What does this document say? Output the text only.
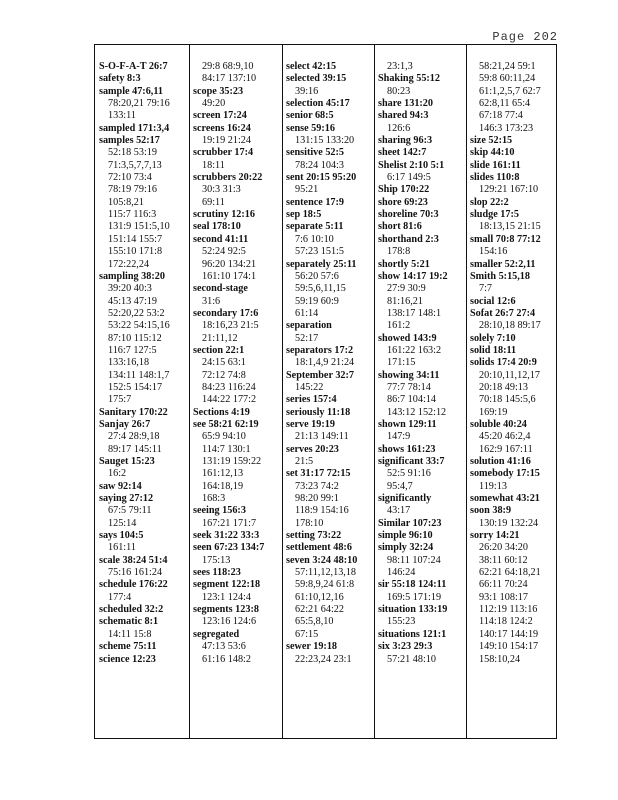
Page 202
S-O-F-A-T 26:7
safety 8:3
sample 47:6,11
78:20,21 79:16
133:11
sampled 171:3,4
samples 52:17
52:18 53:19
71:3,5,7,7,13
72:10 73:4
78:19 79:16
105:8,21
115:7 116:3
131:9 151:5,10
151:14 155:7
155:10 171:8
172:22,24
sampling 38:20
39:20 40:3
45:13 47:19
52:20,22 53:2
53:22 54:15,16
87:10 115:12
116:7 127:5
133:16,18
134:11 148:1,7
152:5 154:17
175:7
Sanitary 170:22
Sanjay 26:7
27:4 28:9,18
89:17 145:11
Sauget 15:23
16:2
saw 92:14
saying 27:12
67:5 79:11
125:14
says 104:5
161:11
scale 38:24 51:4
75:16 161:24
schedule 176:22
177:4
scheduled 32:2
schematic 8:1
14:11 15:8
scheme 75:11
science 12:23
29:8 68:9,10
84:17 137:10
scope 35:23
49:20
screen 17:24
screens 16:24
19:19 21:24
scrubber 17:4
18:11
scrubbers 20:22
30:3 31:3
69:11
scrutiny 12:16
seal 178:10
second 41:11
52:24 92:5
96:20 134:21
161:10 174:1
second-stage
31:6
secondary 17:6
18:16,23 21:5
21:11,12
section 22:1
24:15 63:1
72:12 74:8
84:23 116:24
144:22 177:2
Sections 4:19
see 58:21 62:19
65:9 94:10
114:7 130:1
131:19 159:22
161:12,13
164:18,19
168:3
seeing 156:3
167:21 171:7
seek 31:22 33:3
seen 67:23 134:7
175:13
sees 118:23
segment 122:18
123:1 124:4
segments 123:8
123:16 124:6
segregated
47:13 53:6
61:16 148:2
select 42:15
selected 39:15
39:16
selection 45:17
senior 68:5
sense 59:16
131:15 133:20
sensitive 52:5
78:24 104:3
sent 20:15 95:20
95:21
sentence 17:9
sep 18:5
separate 5:11
7:6 10:10
57:23 151:5
separately 25:11
56:20 57:6
59:5,6,11,15
59:19 60:9
61:14
separation
52:17
separators 17:2
18:1,4,9 21:24
September 32:7
145:22
series 157:4
seriously 11:18
serve 19:19
21:13 149:11
serves 20:23
21:5
set 31:17 72:15
73:23 74:2
98:20 99:1
118:9 154:16
178:10
setting 73:22
settlement 48:6
seven 3:24 48:10
57:11,12,13,18
59:8,9,24 61:8
61:10,12,16
62:21 64:22
65:5,8,10
67:15
sewer 19:18
22:23,24 23:1
23:1,3
Shaking 55:12
80:23
share 131:20
shared 94:3
126:6
sharing 96:3
sheet 142:7
Shelist 2:10 5:1
6:17 149:5
Ship 170:22
shore 69:23
shoreline 70:3
short 81:6
shorthand 2:3
178:8
shortly 5:21
show 14:17 19:2
27:9 30:9
81:16,21
138:17 148:1
161:2
showed 143:9
161:22 163:2
171:15
showing 34:11
77:7 78:14
86:7 104:14
143:12 152:12
shown 129:11
147:9
shows 161:23
significant 33:7
52:5 91:16
95:4,7
significantly
43:17
Similar 107:23
simple 96:10
simply 32:24
98:11 107:24
146:24
sir 55:18 124:11
169:5 171:19
situation 133:19
155:23
situations 121:1
six 3:23 29:3
57:21 48:10
58:21,24 59:1
59:8 60:11,24
61:1,2,5,7 62:7
62:8,11 65:4
67:18 77:4
146:3 173:23
size 52:15
skip 44:10
slide 161:11
slides 110:8
129:21 167:10
slop 22:2
sludge 17:5
18:13,15 21:15
small 70:8 77:12
154:16
smaller 52:2,11
Smith 5:15,18
7:7
social 12:6
Sofat 26:7 27:4
28:10,18 89:17
solely 7:10
solid 18:11
solids 17:4 20:9
20:10,11,12,17
20:18 49:13
70:18 145:5,6
169:19
soluble 40:24
45:20 46:2,4
162:9 167:11
solution 41:16
somebody 17:15
119:13
somewhat 43:21
soon 38:9
130:19 132:24
sorry 14:21
26:20 34:20
38:11 60:12
62:21 64:18,21
66:11 70:24
93:1 108:17
112:19 113:16
114:18 124:2
140:17 144:19
149:10 154:17
158:10,24
